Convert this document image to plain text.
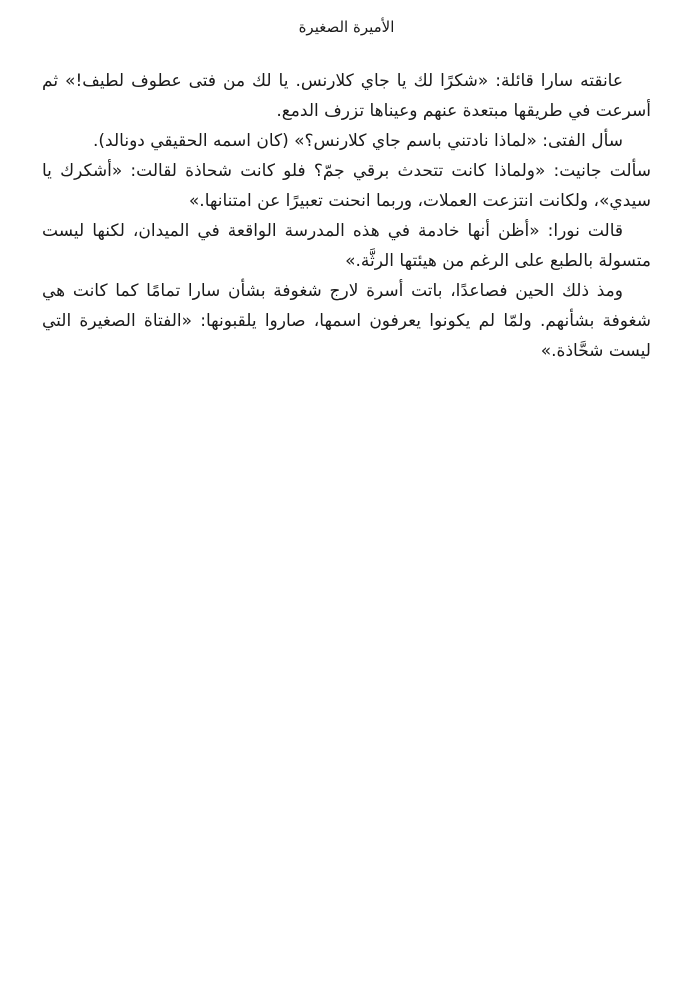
الأميرة الصغيرة

عانقته سارا قائلة: «شكرًا لك يا جاي كلارنس. يا لك من فتى عطوف لطيف!» ثم أسرعت في طريقها مبتعدة عنهم وعيناها تزرف الدمع.

سأل الفتى: «لماذا نادتني باسم جاي كلارنس؟» (كان اسمه الحقيقي دونالد).

سألت جانيت: «ولماذا كانت تتحدث برقي جمّ؟ فلو كانت شحاذة لقالت: «أشكرك يا سيدي»، ولكانت انتزعت العملات، وربما انحنت تعبيرًا عن امتنانها.»

قالت نورا: «أظن أنها خادمة في هذه المدرسة الواقعة في الميدان، لكنها ليست متسولة بالطبع على الرغم من هيئتها الرثَّة.»

ومذ ذلك الحين فصاعدًا، باتت أسرة لارج شغوفة بشأن سارا تمامًا كما كانت هي شغوفة بشأنهم. ولمّا لم يكونوا يعرفون اسمها، صاروا يلقبونها: «الفتاة الصغيرة التي ليست شحَّاذة.»
